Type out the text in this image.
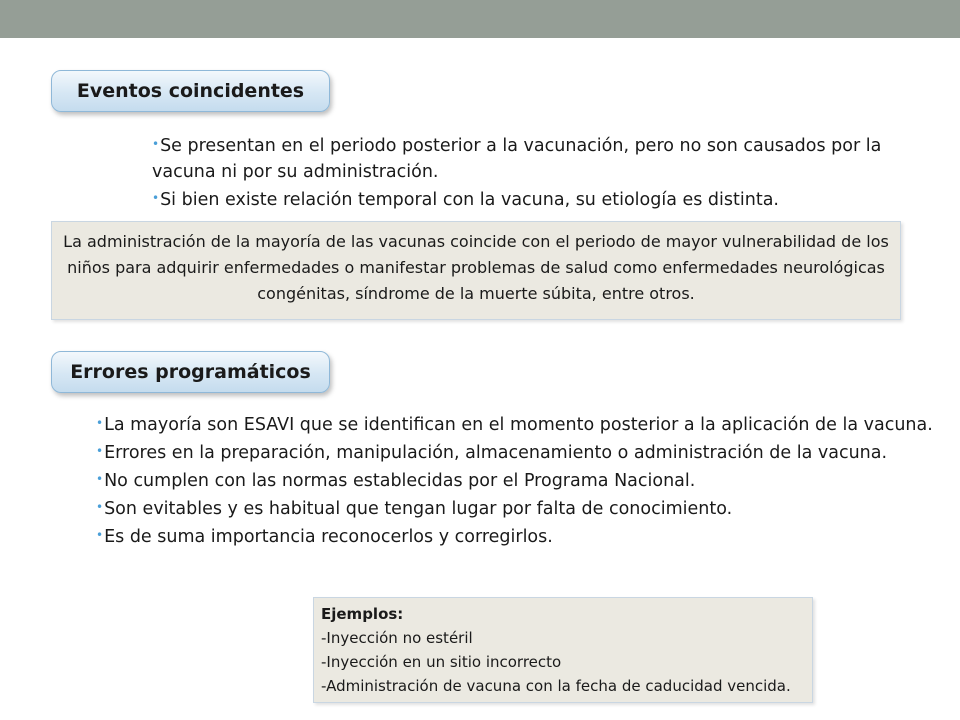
Eventos coincidentes
•Se presentan en el periodo posterior a la vacunación, pero no son causados por la vacuna ni por su administración.
•Si bien existe relación temporal con la vacuna, su etiología es distinta.
La administración de la mayoría de las vacunas coincide con el periodo de mayor vulnerabilidad de los niños para adquirir enfermedades o manifestar problemas de salud como enfermedades neurológicas congénitas, síndrome de la muerte súbita, entre otros.
Errores programáticos
•La mayoría son ESAVI que se identifican en el momento posterior a la aplicación de la vacuna.
•Errores en la preparación, manipulación, almacenamiento o administración de la vacuna.
•No cumplen con las normas establecidas por el Programa Nacional.
•Son evitables y es habitual que tengan lugar por falta de conocimiento.
•Es de suma importancia reconocerlos y corregirlos.
Ejemplos:
-Inyección no estéril
-Inyección en un sitio incorrecto
-Administración de vacuna con la fecha de caducidad vencida.
